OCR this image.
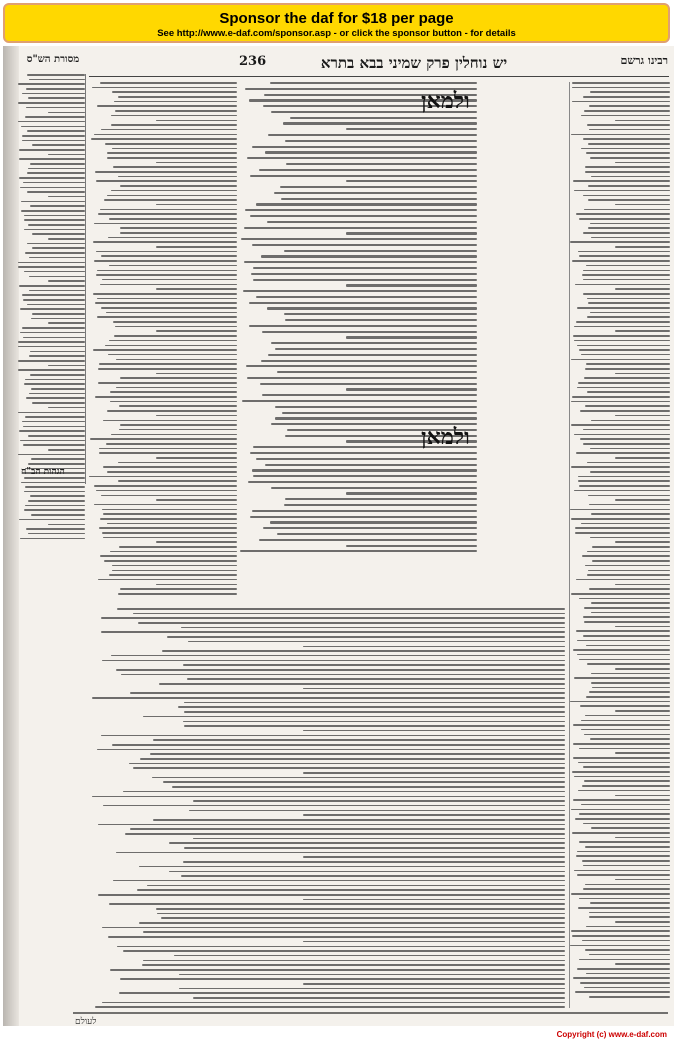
Sponsor the daf for $18 per page
See http://www.e-daf.com/sponsor.asp - or click the sponsor button - for details
236	יש נוחלין פרק שמיני בבא בתרא	רבינו גרשם
מסורת הש"ס
הגהות הב"ח
ולמאן
ולמאן
לעולם
Copyright (c) www.e-daf.com
